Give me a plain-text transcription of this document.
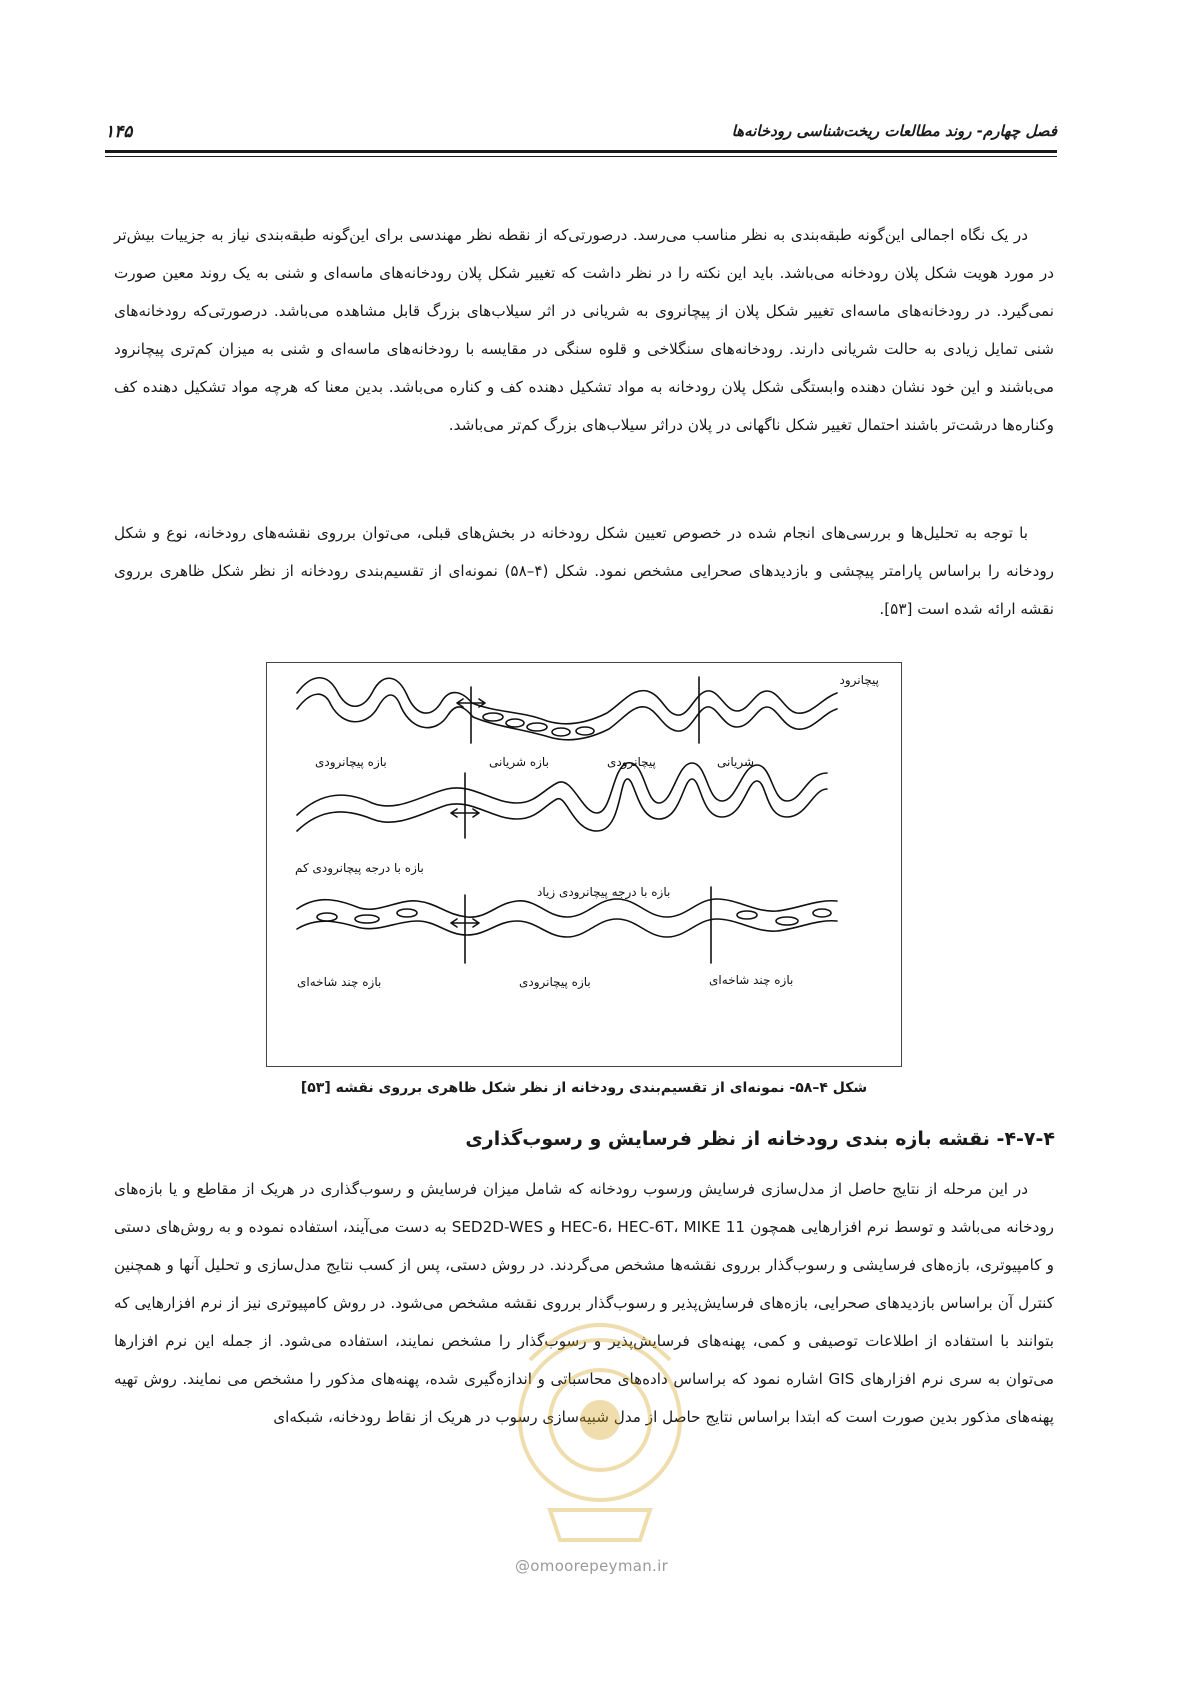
فصل چهارم- روند مطالعات ریخت‌شناسی رودخانه‌ها
۱۴۵

در یک نگاه اجمالی این‌گونه طبقه‌بندی به نظر مناسب می‌رسد. درصورتی‌که از نقطه نظر مهندسی برای این‌گونه طبقه‌بندی نیاز به جزییات بیش‌تر در مورد هویت شکل پلان رودخانه می‌باشد. باید این نکته را در نظر داشت که تغییر شکل پلان رودخانه‌های ماسه‌ای و شنی به یک روند معین صورت نمی‌گیرد. در رودخانه‌های ماسه‌ای تغییر شکل پلان از پیچانروی به شریانی در اثر سیلاب‌های بزرگ قابل مشاهده می‌باشد. درصورتی‌که رودخانه‌های شنی تمایل زیادی به حالت شریانی دارند. رودخانه‌های سنگلاخی و قلوه سنگی در مقایسه با رودخانه‌های ماسه‌ای و شنی به میزان کم‌تری پیچانرود می‌باشند و این خود نشان دهنده وابستگی شکل پلان رودخانه به مواد تشکیل دهنده کف و کناره می‌باشد. بدین معنا که هرچه مواد تشکیل دهنده کف وکناره‌ها درشت‌تر باشند احتمال تغییر شکل ناگهانی در پلان دراثر سیلاب‌های بزرگ کم‌تر می‌باشد.

با توجه به تحلیل‌ها و بررسی‌های انجام شده در خصوص تعیین شکل رودخانه در بخش‌های قبلی، می‌توان برروی نقشه‌های رودخانه، نوع و شکل رودخانه را براساس پارامتر پیچشی و بازدیدهای صحرایی مشخص نمود. شکل (۴–۵۸) نمونه‌ای از تقسیم‌بندی رودخانه از نظر شکل ظاهری برروی نقشه ارائه شده است [۵۳].

پیچانرود
بازه پیچانرودی	بازه شریانی	پیچانرودی	شریانی
بازه با درجه پیچانرودی کم
بازه با درجه پیچانرودی زیاد
بازه چند شاخه‌ای	بازه پیچانرودی	بازه چند شاخه‌ای
شکل ۴–۵۸- نمونه‌ای از تقسیم‌بندی رودخانه از نظر شکل ظاهری برروی نقشه [۵۳]
۴-۷-۴- نقشه بازه بندی رودخانه از نظر فرسایش و رسوب‌گذاری

در این مرحله از نتایج حاصل از مدل‌سازی فرسایش ورسوب رودخانه که شامل میزان فرسایش و رسوب‌گذاری در هریک از مقاطع و یا بازه‌های رودخانه می‌باشد و توسط نرم افزارهایی همچون HEC-6، HEC-6T، MIKE 11 و SED2D-WES به دست می‌آیند، استفاده نموده و به روش‌های دستی و کامپیوتری، بازه‌های فرسایشی و رسوب‌گذار برروی نقشه‌ها مشخص می‌گردند. در روش دستی، پس از کسب نتایج مدل‌سازی و تحلیل آنها و همچنین کنترل آن براساس بازدیدهای صحرایی، بازه‌های فرسایش‌پذیر و رسوب‌گذار برروی نقشه مشخص می‌شود. در روش کامپیوتری نیز از نرم افزارهایی که بتوانند با استفاده از اطلاعات توصیفی و کمی، پهنه‌های فرسایش‌پذیر و رسوب‌گذار را مشخص نمایند، استفاده می‌شود. از جمله این نرم افزارها می‌توان به سری نرم افزارهای GIS اشاره نمود که براساس داده‌های محاسباتی و اندازه‌گیری شده، پهنه‌های مذکور را مشخص می نمایند. روش تهیه پهنه‌های مذکور بدین صورت است که ابتدا براساس نتایج حاصل از مدل شبیه‌سازی رسوب در هریک از نقاط رودخانه، شبکه‌ای

@omoorepeyman.ir
